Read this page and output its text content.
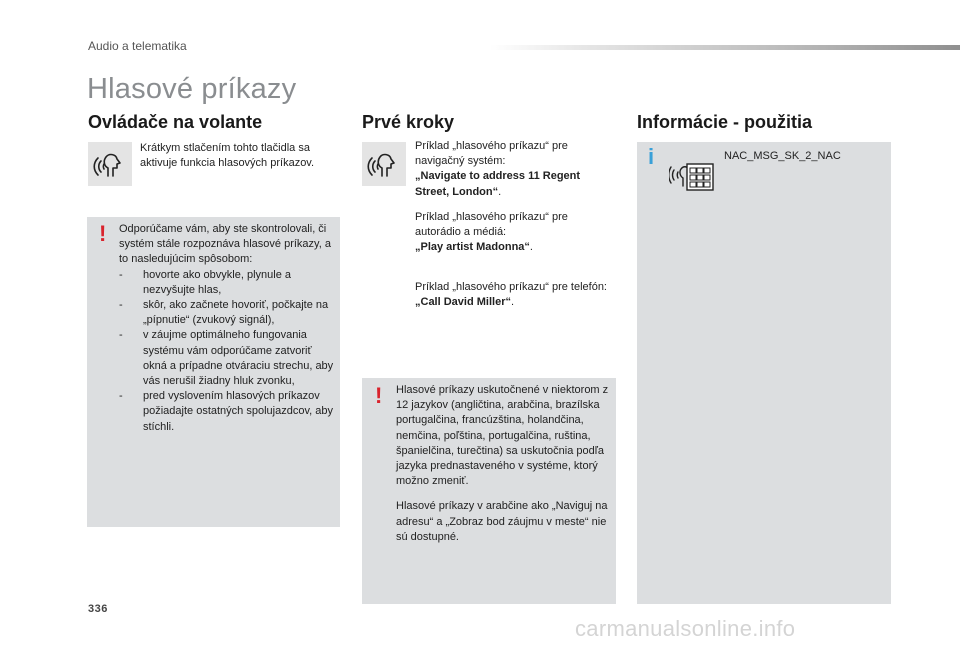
Audio a telematika
Hlasové príkazy
Ovládače na volante
Krátkym stlačením tohto tlačidla sa aktivuje funkcia hlasových príkazov.
! Odporúčame vám, aby ste skontrolovali, či systém stále rozpoznáva hlasové príkazy, a to nasledujúcim spôsobom:
- hovorte ako obvykle, plynule a nezvyšujte hlas,
- skôr, ako začnete hovoriť, počkajte na „pípnutie“ (zvukový signál),
- v záujme optimálneho fungovania systému vám odporúčame zatvoriť okná a prípadne otváraciu strechu, aby vás nerušil žiadny hluk zvonku,
- pred vyslovením hlasových príkazov požiadajte ostatných spolujazdcov, aby stíchli.
Prvé kroky
Príklad „hlasového príkazu“ pre navigačný systém:
„Navigate to address 11 Regent Street, London“.
Príklad „hlasového príkazu“ pre autorádio a médiá:
„Play artist Madonna“.
Príklad „hlasového príkazu“ pre telefón:
„Call David Miller“.
! Hlasové príkazy uskutočnené v niektorom z 12 jazykov (angličtina, arabčina, brazílska portugalčina, francúzština, holandčina, nemčina, poľština, portugalčina, ruština, španielčina, turečtina) sa uskutočnia podľa jazyka prednastaveného v systéme, ktorý možno zmeniť.
Hlasové príkazy v arabčine ako „Naviguj na adresu“ a „Zobraz bod záujmu v meste“ nie sú dostupné.
Informácie - použitia
i	NAC_MSG_SK_2_NAC
336
carmanualsonline.info
